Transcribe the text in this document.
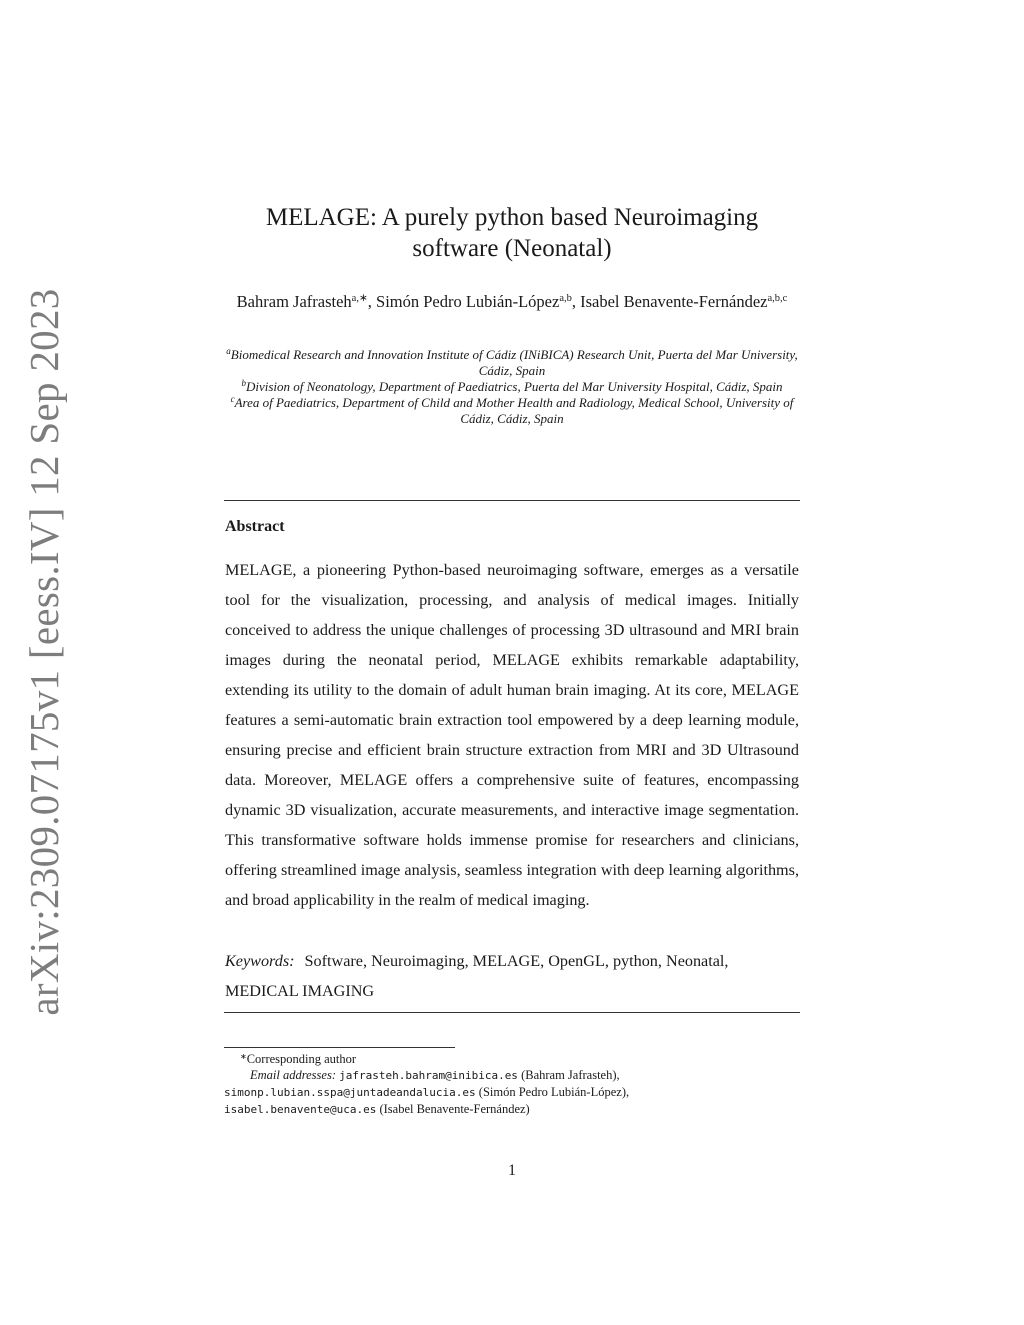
arXiv:2309.07175v1 [eess.IV] 12 Sep 2023
MELAGE: A purely python based Neuroimaging
software (Neonatal)
Bahram Jafrasteh$^{a,∗}$, Simón Pedro Lubián-López$^{a,b}$, Isabel Benavente-Fernández$^{a,b,c}$
$^a$Biomedical Research and Innovation Institute of Cádiz (INiBICA) Research Unit, Puerta del Mar University, Cádiz, Spain
$^b$Division of Neonatology, Department of Paediatrics, Puerta del Mar University Hospital, Cádiz, Spain
$^c$Area of Paediatrics, Department of Child and Mother Health and Radiology, Medical School, University of Cádiz, Cádiz, Spain
Abstract
MELAGE, a pioneering Python-based neuroimaging software, emerges as a versatile tool for the visualization, processing, and analysis of medical images. Initially conceived to address the unique challenges of processing 3D ultrasound and MRI brain images during the neonatal period, MELAGE exhibits remarkable adaptability, extending its utility to the domain of adult human brain imaging. At its core, MELAGE features a semi-automatic brain extraction tool empowered by a deep learning module, ensuring precise and efficient brain structure extraction from MRI and 3D Ultrasound data. Moreover, MELAGE offers a comprehensive suite of features, encompassing dynamic 3D visualization, accurate measurements, and interactive image segmentation. This transformative software holds immense promise for researchers and clinicians, offering streamlined image analysis, seamless integration with deep learning algorithms, and broad applicability in the realm of medical imaging.
Keywords: Software, Neuroimaging, MELAGE, OpenGL, python, Neonatal, MEDICAL IMAGING
∗Corresponding author
Email addresses: jafrasteh.bahram@inibica.es (Bahram Jafrasteh),
simonp.lubian.sspa@juntadeandalucia.es (Simón Pedro Lubián-López),
isabel.benavente@uca.es (Isabel Benavente-Fernández)
1
